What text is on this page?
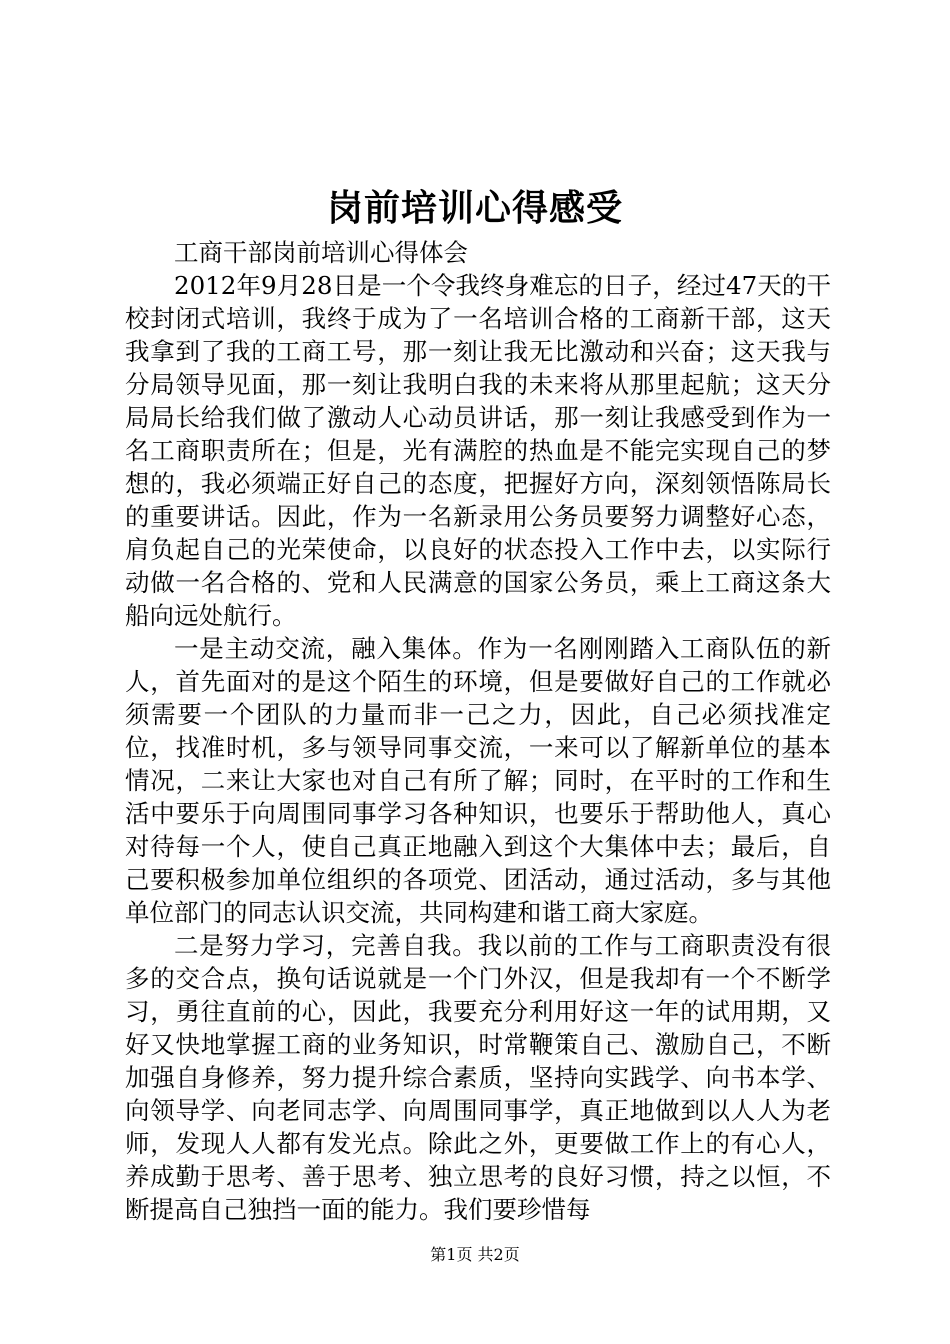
岗前培训心得感受

工商干部岗前培训心得体会

2012年9月28日是一个令我终身难忘的日子，经过47天的干校封闭式培训，我终于成为了一名培训合格的工商新干部，这天我拿到了我的工商工号，那一刻让我无比激动和兴奋；这天我与分局领导见面，那一刻让我明白我的未来将从那里起航；这天分局局长给我们做了激动人心动员讲话，那一刻让我感受到作为一名工商职责所在；但是，光有满腔的热血是不能完实现自己的梦想的，我必须端正好自己的态度，把握好方向，深刻领悟陈局长的重要讲话。因此，作为一名新录用公务员要努力调整好心态，肩负起自己的光荣使命，以良好的状态投入工作中去，以实际行动做一名合格的、党和人民满意的国家公务员，乘上工商这条大船向远处航行。

一是主动交流，融入集体。作为一名刚刚踏入工商队伍的新人，首先面对的是这个陌生的环境，但是要做好自己的工作就必须需要一个团队的力量而非一己之力，因此，自己必须找准定位，找准时机，多与领导同事交流，一来可以了解新单位的基本情况，二来让大家也对自己有所了解；同时，在平时的工作和生活中要乐于向周围同事学习各种知识，也要乐于帮助他人，真心对待每一个人，使自己真正地融入到这个大集体中去；最后，自己要积极参加单位组织的各项党、团活动，通过活动，多与其他单位部门的同志认识交流，共同构建和谐工商大家庭。

二是努力学习，完善自我。我以前的工作与工商职责没有很多的交合点，换句话说就是一个门外汉，但是我却有一个不断学习，勇往直前的心，因此，我要充分利用好这一年的试用期，又好又快地掌握工商的业务知识，时常鞭策自己、激励自己，不断加强自身修养，努力提升综合素质，坚持向实践学、向书本学、向领导学、向老同志学、向周围同事学，真正地做到以人人为老师，发现人人都有发光点。除此之外，更要做工作上的有心人，养成勤于思考、善于思考、独立思考的良好习惯，持之以恒，不断提高自己独挡一面的能力。我们要珍惜每

第1页 共2页
